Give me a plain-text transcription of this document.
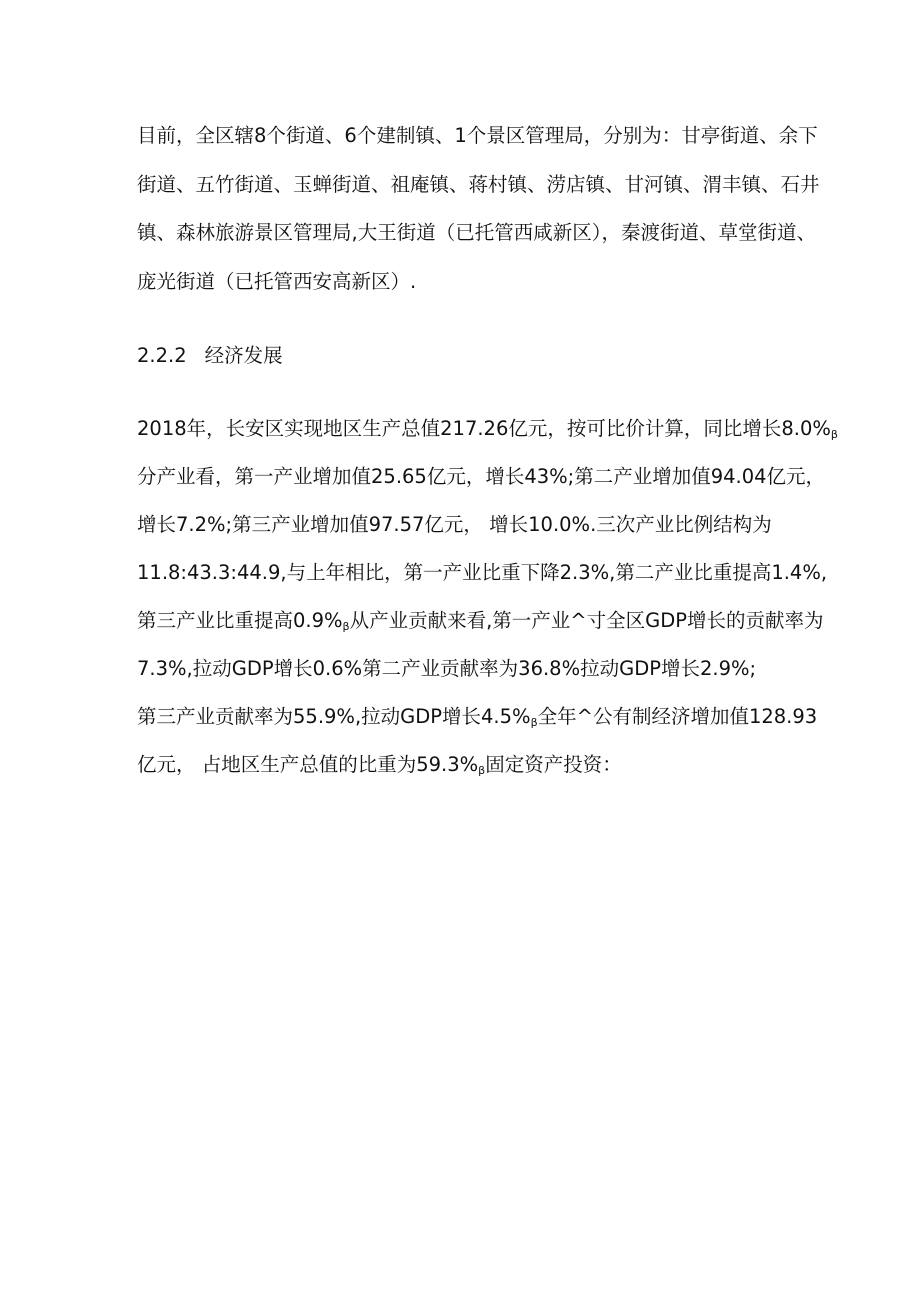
目前，全区辖8个街道、6个建制镇、1个景区管理局，分别为：甘亭街道、余下
街道、五竹街道、玉蝉街道、祖庵镇、蒋村镇、涝店镇、甘河镇、渭丰镇、石井
镇、森林旅游景区管理局,大王街道（已托管西咸新区），秦渡街道、草堂街道、
庞光街道（已托管西安高新区）.
2.2.2 经济发展
2018年，长安区实现地区生产总值217.26亿元，按可比价计算，同比增长$8.0\%_\beta$
分产业看，第一产业增加值25.65亿元，增长43%;第二产业增加值94.04亿元，
增长7.2%;第三产业增加值97.57亿元， 增长10.0%.三次产业比例结构为
11.8:43.3:44.9,与上年相比，第一产业比重下降2.3%,第二产业比重提高1.4%,
第三产业比重提高$0.9\%_\beta$从产业贡献来看,第一产业^寸全区GDP增长的贡献率为
7.3%,拉动GDP增长0.6%第二产业贡献率为36.8%拉动GDP增长2.9%;
第三产业贡献率为55.9%,拉动GDP增长$4.5\%_\beta$全年^公有制经济增加值128.93
亿元， 占地区生产总值的比重为$59.3\%_\beta$固定资产投资：
